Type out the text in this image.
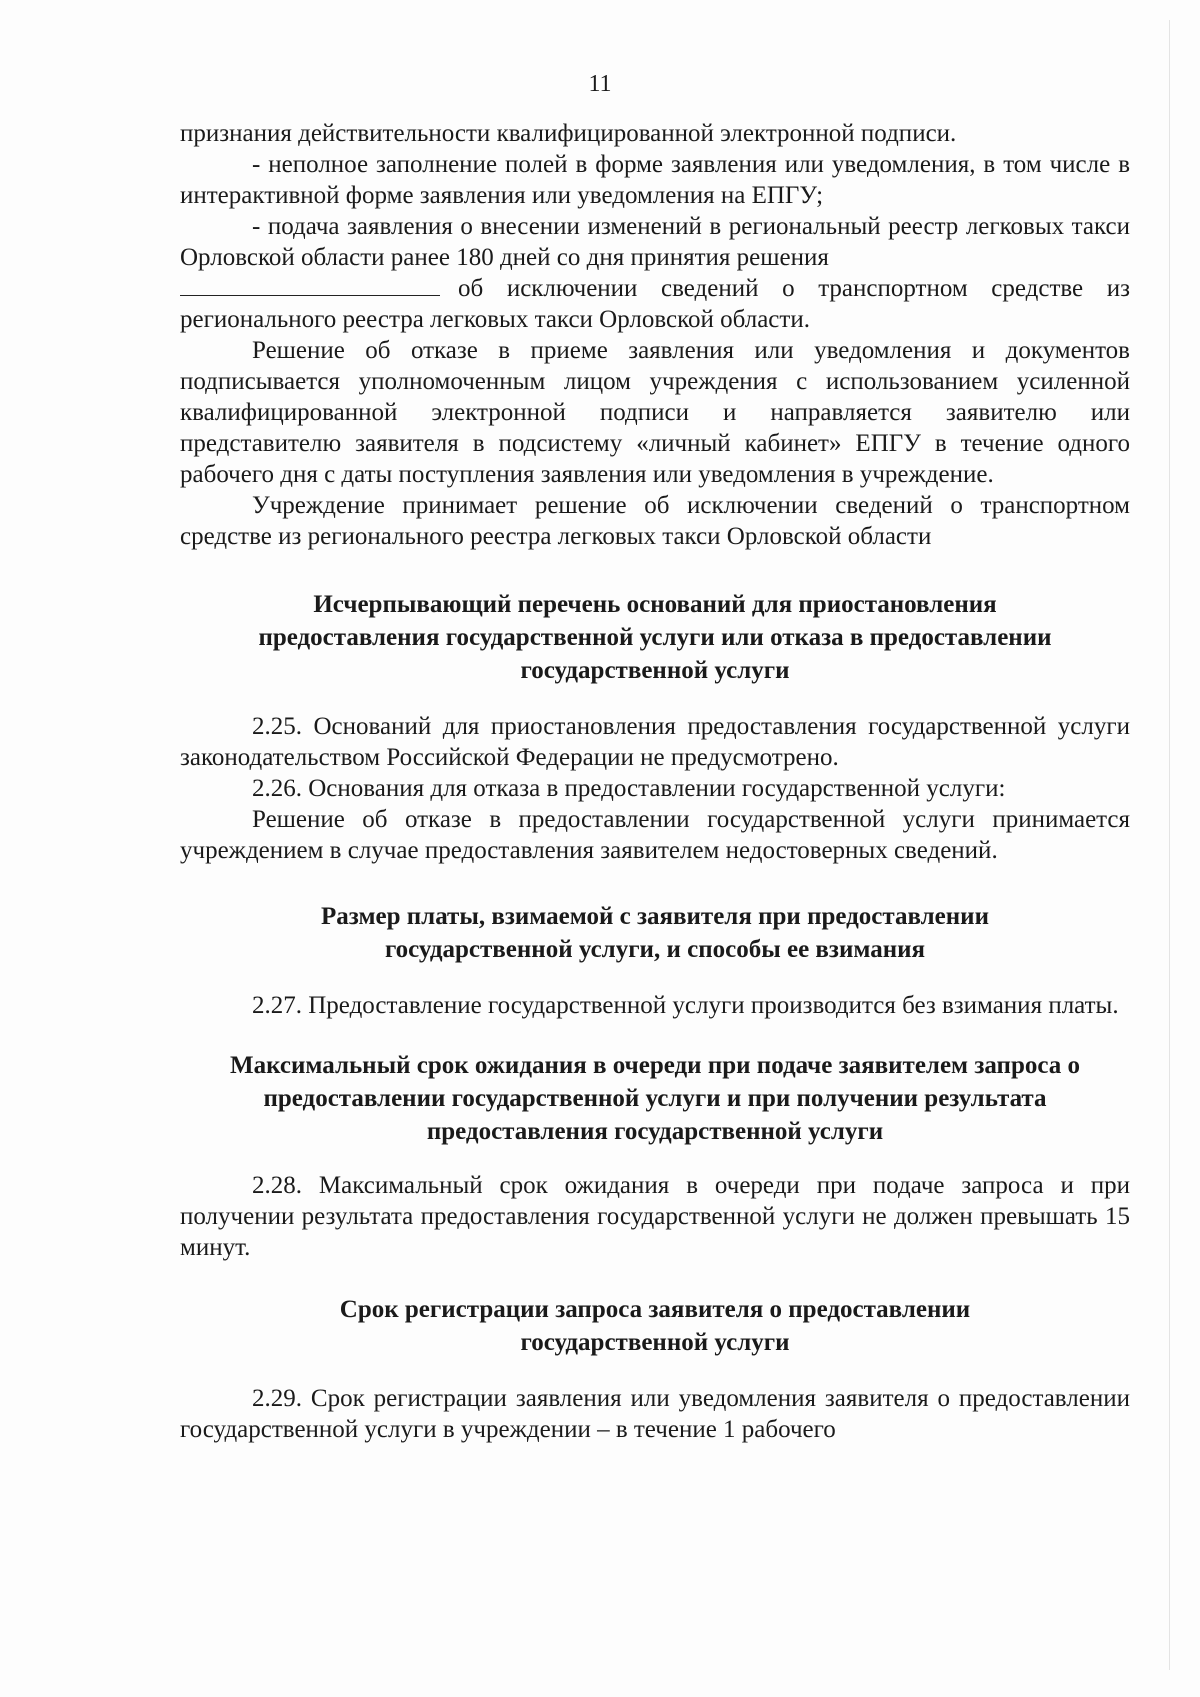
11

признания действительности квалифицированной электронной подписи.

- неполное заполнение полей в форме заявления или уведомления, в том числе в интерактивной форме заявления или уведомления на ЕПГУ;

- подача заявления о внесении изменений в региональный реестр легковых такси Орловской области ранее 180 дней со дня принятия решения

об исключении сведений о транспортном средстве из регионального реестра легковых такси Орловской области.

Решение об отказе в приеме заявления или уведомления и документов подписывается уполномоченным лицом учреждения с использованием усиленной квалифицированной электронной подписи и направляется заявителю или представителю заявителя в подсистему «личный кабинет» ЕПГУ в течение одного рабочего дня с даты поступления заявления или уведомления в учреждение.

Учреждение принимает решение об исключении сведений о транспортном средстве из регионального реестра легковых такси Орловской области

Исчерпывающий перечень оснований для приостановления
предоставления государственной услуги или отказа в предоставлении
государственной услуги

2.25. Оснований для приостановления предоставления государственной услуги законодательством Российской Федерации не предусмотрено.

2.26. Основания для отказа в предоставлении государственной услуги:

Решение об отказе в предоставлении государственной услуги принимается учреждением в случае предоставления заявителем недостоверных сведений.

Размер платы, взимаемой с заявителя при предоставлении
государственной услуги, и способы ее взимания

2.27. Предоставление государственной услуги производится без взимания платы.

Максимальный срок ожидания в очереди при подаче заявителем запроса о
предоставлении государственной услуги и при получении результата
предоставления государственной услуги

2.28. Максимальный срок ожидания в очереди при подаче запроса и при получении результата предоставления государственной услуги не должен превышать 15 минут.

Срок регистрации запроса заявителя о предоставлении
государственной услуги

2.29. Срок регистрации заявления или уведомления заявителя о предоставлении государственной услуги в учреждении – в течение 1 рабочего
